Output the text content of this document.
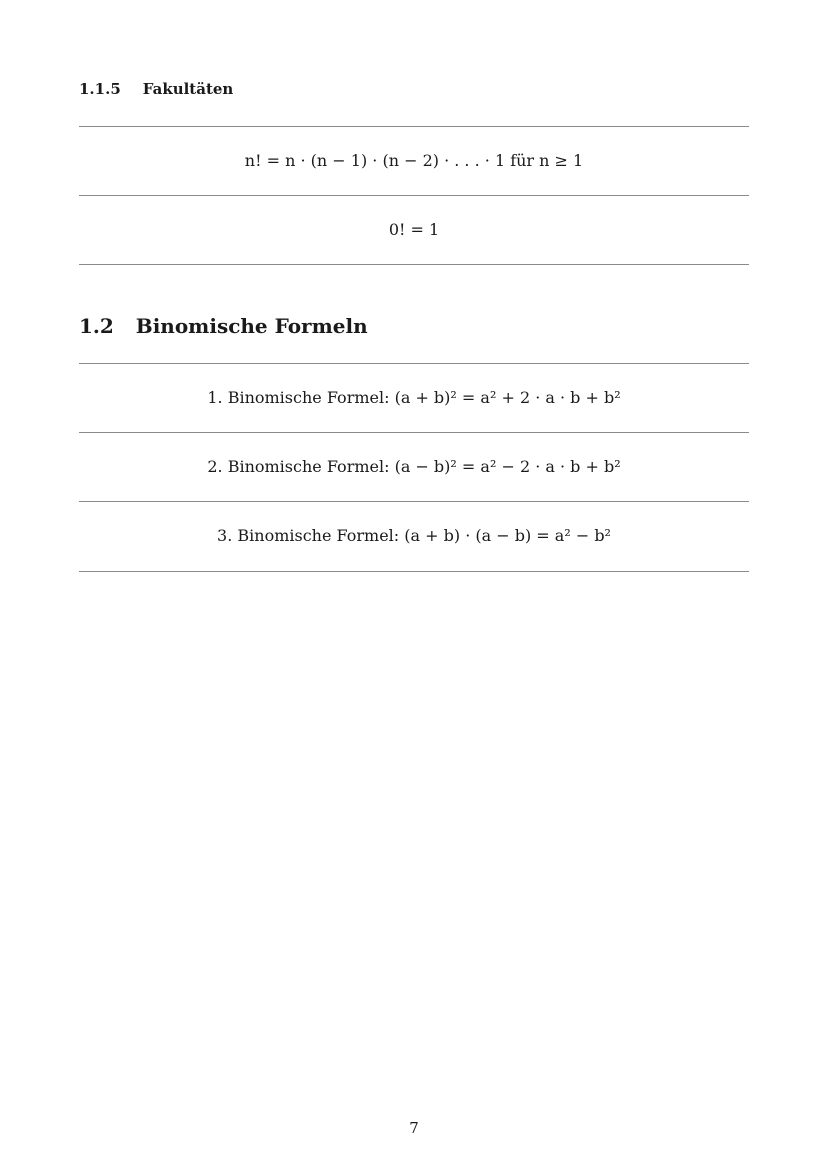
1.1.5 Fakultäten
n! = n · (n − 1) · (n − 2) · . . . · 1 für n ≥ 1
0! = 1
1.2 Binomische Formeln
1. Binomische Formel: (a + b)² = a² + 2 · a · b + b²
2. Binomische Formel: (a − b)² = a² − 2 · a · b + b²
3. Binomische Formel: (a + b) · (a − b) = a² − b²
7
